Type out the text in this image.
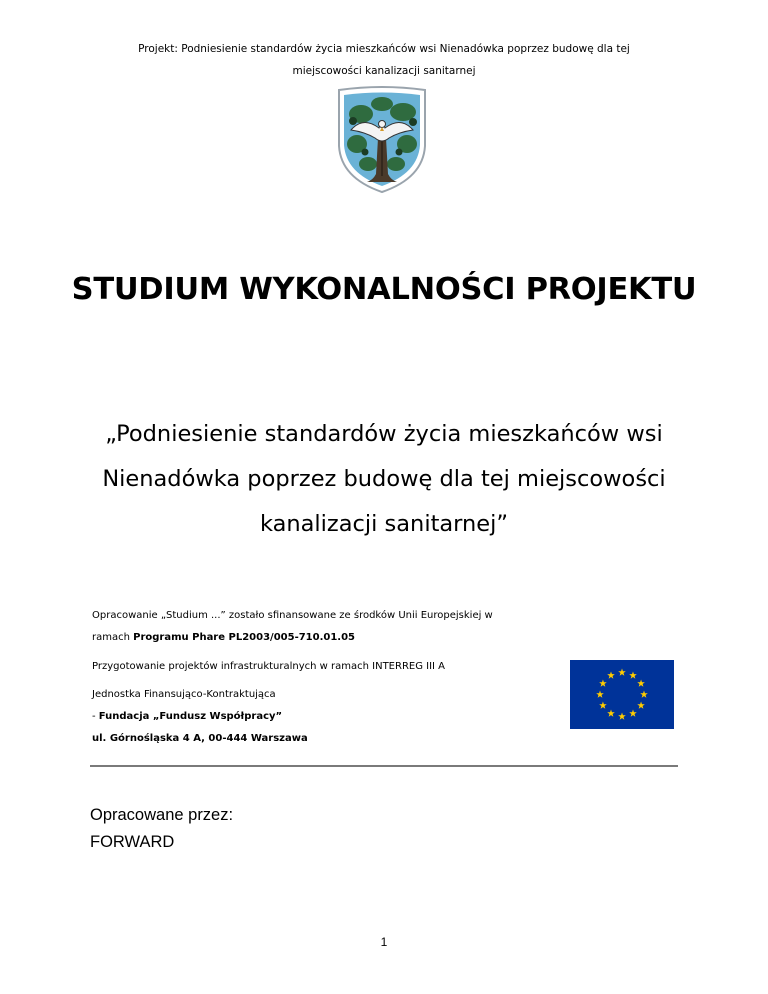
Projekt: Podniesienie standardów życia mieszkańców wsi Nienadówka poprzez budowę dla tej
miejscowości kanalizacji sanitarnej
STUDIUM WYKONALNOŚCI PROJEKTU
„Podniesienie standardów życia mieszkańców wsi Nienadówka poprzez budowę dla tej miejscowości kanalizacji sanitarnej”
Opracowanie „Studium ...” zostało sfinansowane ze środków Unii Europejskiej w
ramach Programu Phare PL2003/005-710.01.05
Przygotowanie projektów infrastrukturalnych w ramach INTERREG III A
Jednostka Finansująco-Kontraktująca
- Fundacja „Fundusz Współpracy”
ul. Górnośląska 4 A, 00-444 Warszawa
Opracowane przez:
FORWARD
1
